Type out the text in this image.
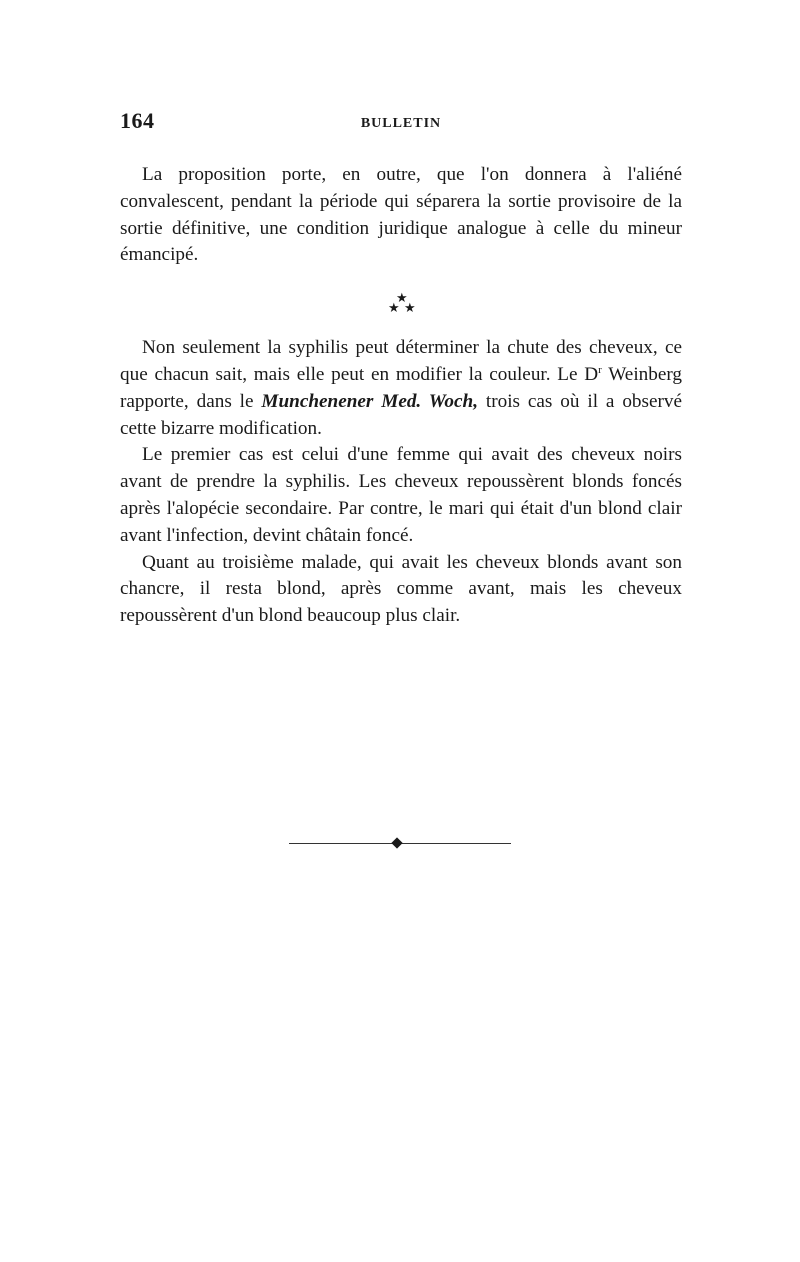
164	BULLETIN

La proposition porte, en outre, que l'on donnera à l'aliéné convalescent, pendant la période qui séparera la sortie provisoire de la sortie définitive, une condition juridique analogue à celle du mineur émancipé.

★
★ ★

Non seulement la syphilis peut déterminer la chute des cheveux, ce que chacun sait, mais elle peut en modifier la couleur. Le $D^r$ Weinberg rapporte, dans le Munchenener Med. Woch, trois cas où il a observé cette bizarre modification.

Le premier cas est celui d'une femme qui avait des cheveux noirs avant de prendre la syphilis. Les cheveux repoussèrent blonds foncés après l'alopécie secondaire. Par contre, le mari qui était d'un blond clair avant l'infection, devint châtain foncé.

Quant au troisième malade, qui avait les cheveux blonds avant son chancre, il resta blond, après comme avant, mais les cheveux repoussèrent d'un blond beaucoup plus clair.
